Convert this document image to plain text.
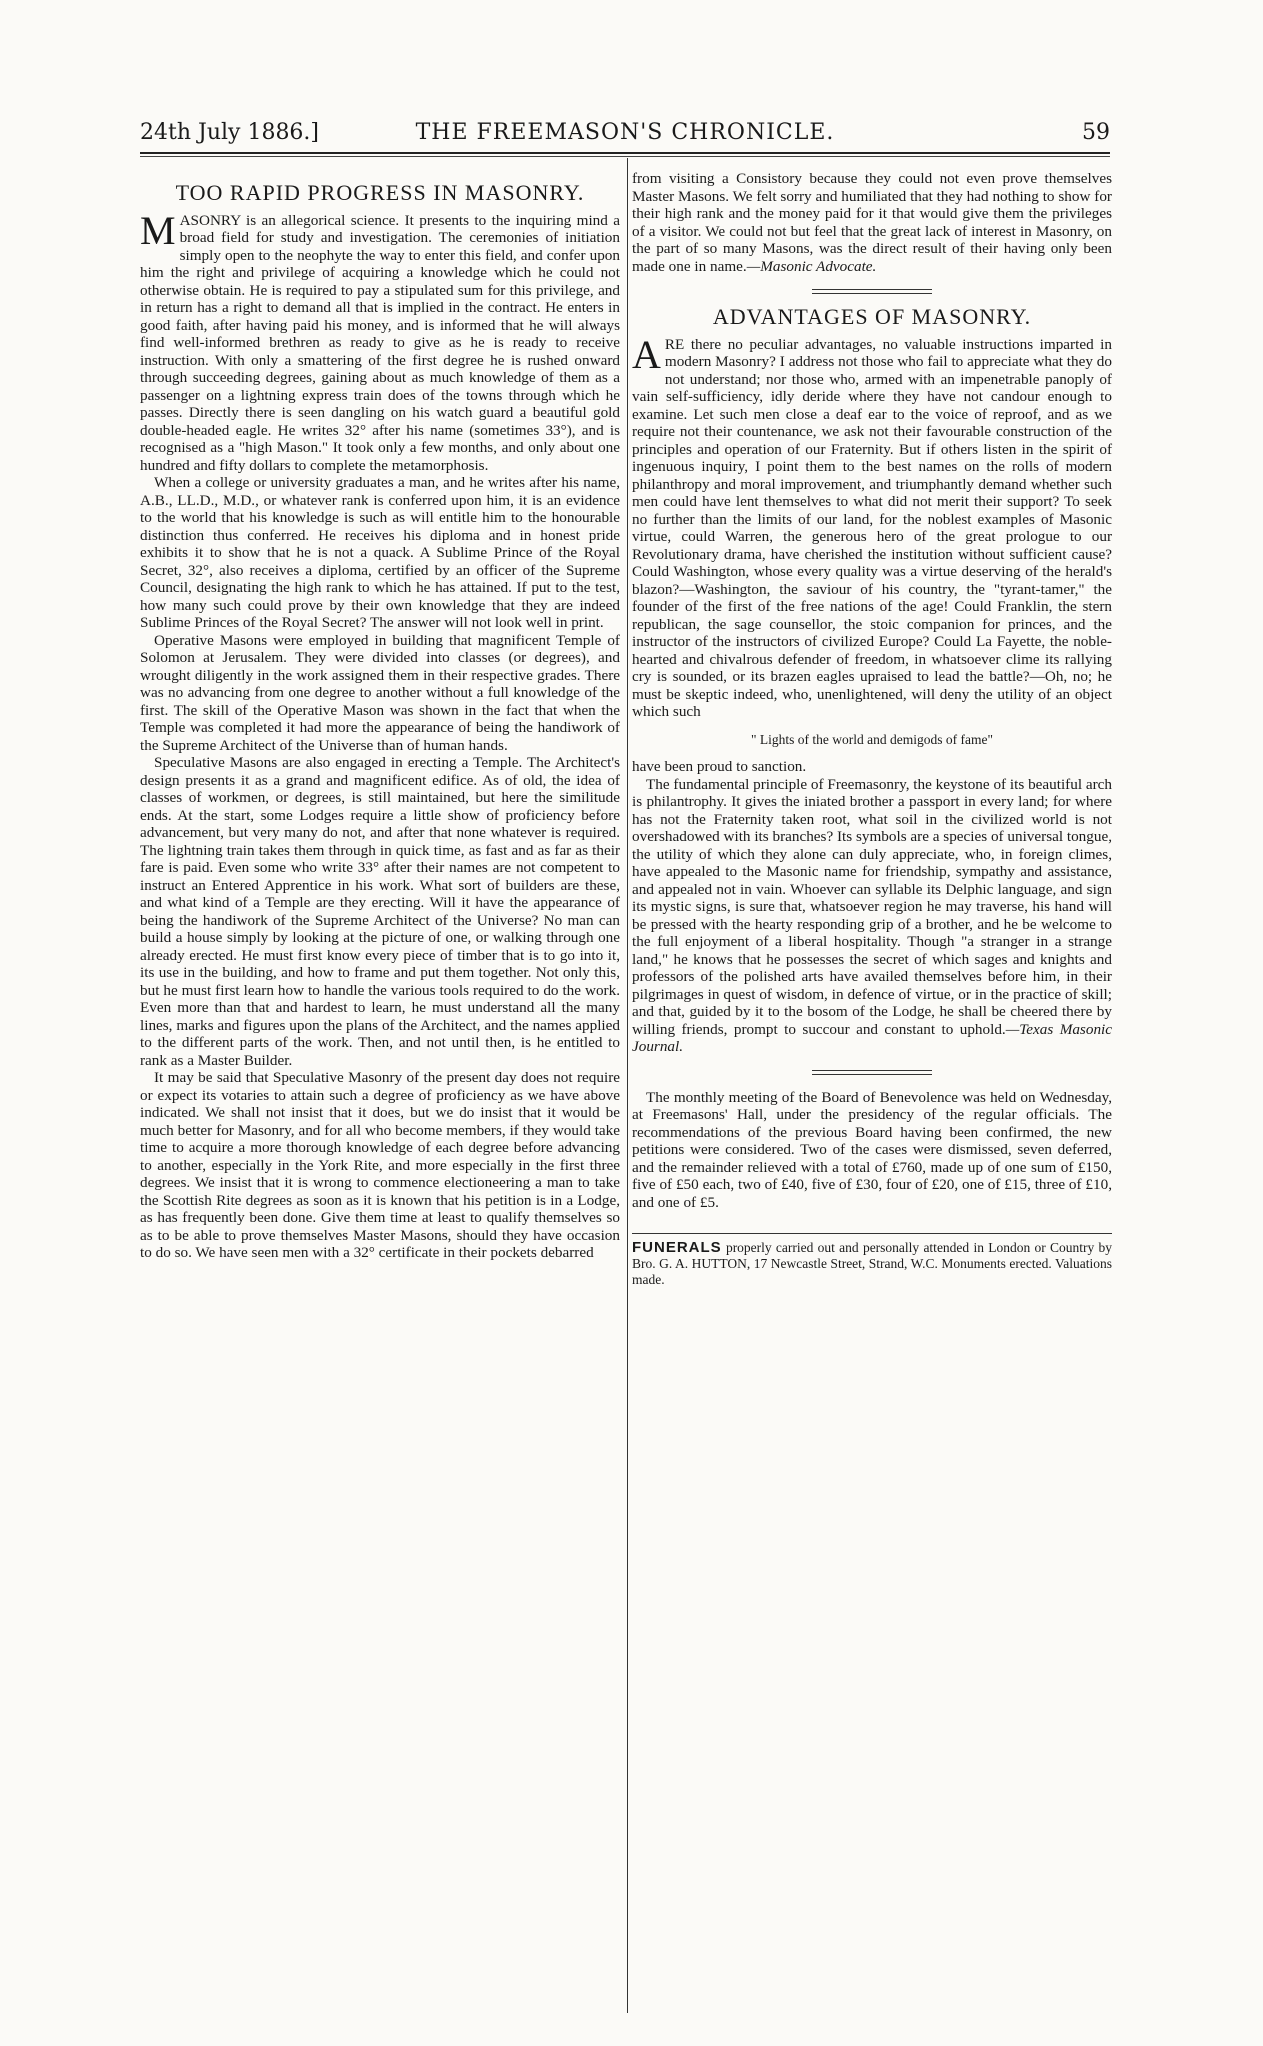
24th July 1886.]	THE FREEMASON'S CHRONICLE.	59
TOO RAPID PROGRESS IN MASONRY.

MASONRY is an allegorical science. It presents to the inquiring mind a broad field for study and investigation. The ceremonies of initiation simply open to the neophyte the way to enter this field, and confer upon him the right and privilege of acquiring a knowledge which he could not otherwise obtain. He is required to pay a stipulated sum for this privilege, and in return has a right to demand all that is implied in the contract. He enters in good faith, after having paid his money, and is informed that he will always find well-informed brethren as ready to give as he is ready to receive instruction. With only a smattering of the first degree he is rushed onward through succeeding degrees, gaining about as much knowledge of them as a passenger on a lightning express train does of the towns through which he passes. Directly there is seen dangling on his watch guard a beautiful gold double-headed eagle. He writes 32° after his name (sometimes 33°), and is recognised as a "high Mason." It took only a few months, and only about one hundred and fifty dollars to complete the metamorphosis.

When a college or university graduates a man, and he writes after his name, A.B., LL.D., M.D., or whatever rank is conferred upon him, it is an evidence to the world that his knowledge is such as will entitle him to the honourable distinction thus conferred. He receives his diploma and in honest pride exhibits it to show that he is not a quack. A Sublime Prince of the Royal Secret, 32°, also receives a diploma, certified by an officer of the Supreme Council, designating the high rank to which he has attained. If put to the test, how many such could prove by their own knowledge that they are indeed Sublime Princes of the Royal Secret? The answer will not look well in print.

Operative Masons were employed in building that magnificent Temple of Solomon at Jerusalem. They were divided into classes (or degrees), and wrought diligently in the work assigned them in their respective grades. There was no advancing from one degree to another without a full knowledge of the first. The skill of the Operative Mason was shown in the fact that when the Temple was completed it had more the appearance of being the handiwork of the Supreme Architect of the Universe than of human hands.

Speculative Masons are also engaged in erecting a Temple. The Architect's design presents it as a grand and magnificent edifice. As of old, the idea of classes of workmen, or degrees, is still maintained, but here the similitude ends. At the start, some Lodges require a little show of proficiency before advancement, but very many do not, and after that none whatever is required. The lightning train takes them through in quick time, as fast and as far as their fare is paid. Even some who write 33° after their names are not competent to instruct an Entered Apprentice in his work. What sort of builders are these, and what kind of a Temple are they erecting. Will it have the appearance of being the handiwork of the Supreme Architect of the Universe? No man can build a house simply by looking at the picture of one, or walking through one already erected. He must first know every piece of timber that is to go into it, its use in the building, and how to frame and put them together. Not only this, but he must first learn how to handle the various tools required to do the work. Even more than that and hardest to learn, he must understand all the many lines, marks and figures upon the plans of the Architect, and the names applied to the different parts of the work. Then, and not until then, is he entitled to rank as a Master Builder.

It may be said that Speculative Masonry of the present day does not require or expect its votaries to attain such a degree of proficiency as we have above indicated. We shall not insist that it does, but we do insist that it would be much better for Masonry, and for all who become members, if they would take time to acquire a more thorough knowledge of each degree before advancing to another, especially in the York Rite, and more especially in the first three degrees. We insist that it is wrong to commence electioneering a man to take the Scottish Rite degrees as soon as it is known that his petition is in a Lodge, as has frequently been done. Give them time at least to qualify themselves so as to be able to prove themselves Master Masons, should they have occasion to do so. We have seen men with a 32° certificate in their pockets debarred

from visiting a Consistory because they could not even prove themselves Master Masons. We felt sorry and humiliated that they had nothing to show for their high rank and the money paid for it that would give them the privileges of a visitor. We could not but feel that the great lack of interest in Masonry, on the part of so many Masons, was the direct result of their having only been made one in name.—Masonic Advocate.

ADVANTAGES OF MASONRY.

ARE there no peculiar advantages, no valuable instructions imparted in modern Masonry? I address not those who fail to appreciate what they do not understand; nor those who, armed with an impenetrable panoply of vain self-sufficiency, idly deride where they have not candour enough to examine. Let such men close a deaf ear to the voice of reproof, and as we require not their countenance, we ask not their favourable construction of the principles and operation of our Fraternity. But if others listen in the spirit of ingenuous inquiry, I point them to the best names on the rolls of modern philanthropy and moral improvement, and triumphantly demand whether such men could have lent themselves to what did not merit their support? To seek no further than the limits of our land, for the noblest examples of Masonic virtue, could Warren, the generous hero of the great prologue to our Revolutionary drama, have cherished the institution without sufficient cause? Could Washington, whose every quality was a virtue deserving of the herald's blazon?—Washington, the saviour of his country, the "tyrant-tamer," the founder of the first of the free nations of the age! Could Franklin, the stern republican, the sage counsellor, the stoic companion for princes, and the instructor of the instructors of civilized Europe? Could La Fayette, the noble-hearted and chivalrous defender of freedom, in whatsoever clime its rallying cry is sounded, or its brazen eagles upraised to lead the battle?—Oh, no; he must be skeptic indeed, who, unenlightened, will deny the utility of an object which such

" Lights of the world and demigods of fame"

have been proud to sanction.

The fundamental principle of Freemasonry, the keystone of its beautiful arch is philantrophy. It gives the iniated brother a passport in every land; for where has not the Fraternity taken root, what soil in the civilized world is not overshadowed with its branches? Its symbols are a species of universal tongue, the utility of which they alone can duly appreciate, who, in foreign climes, have appealed to the Masonic name for friendship, sympathy and assistance, and appealed not in vain. Whoever can syllable its Delphic language, and sign its mystic signs, is sure that, whatsoever region he may traverse, his hand will be pressed with the hearty responding grip of a brother, and he be welcome to the full enjoyment of a liberal hospitality. Though "a stranger in a strange land," he knows that he possesses the secret of which sages and knights and professors of the polished arts have availed themselves before him, in their pilgrimages in quest of wisdom, in defence of virtue, or in the practice of skill; and that, guided by it to the bosom of the Lodge, he shall be cheered there by willing friends, prompt to succour and constant to uphold.—Texas Masonic Journal.

The monthly meeting of the Board of Benevolence was held on Wednesday, at Freemasons' Hall, under the presidency of the regular officials. The recommendations of the previous Board having been confirmed, the new petitions were considered. Two of the cases were dismissed, seven deferred, and the remainder relieved with a total of £760, made up of one sum of £150, five of £50 each, two of £40, five of £30, four of £20, one of £15, three of £10, and one of £5.

FUNERALS properly carried out and personally attended in London or Country by Bro. G. A. HUTTON, 17 Newcastle Street, Strand, W.C. Monuments erected. Valuations made.
